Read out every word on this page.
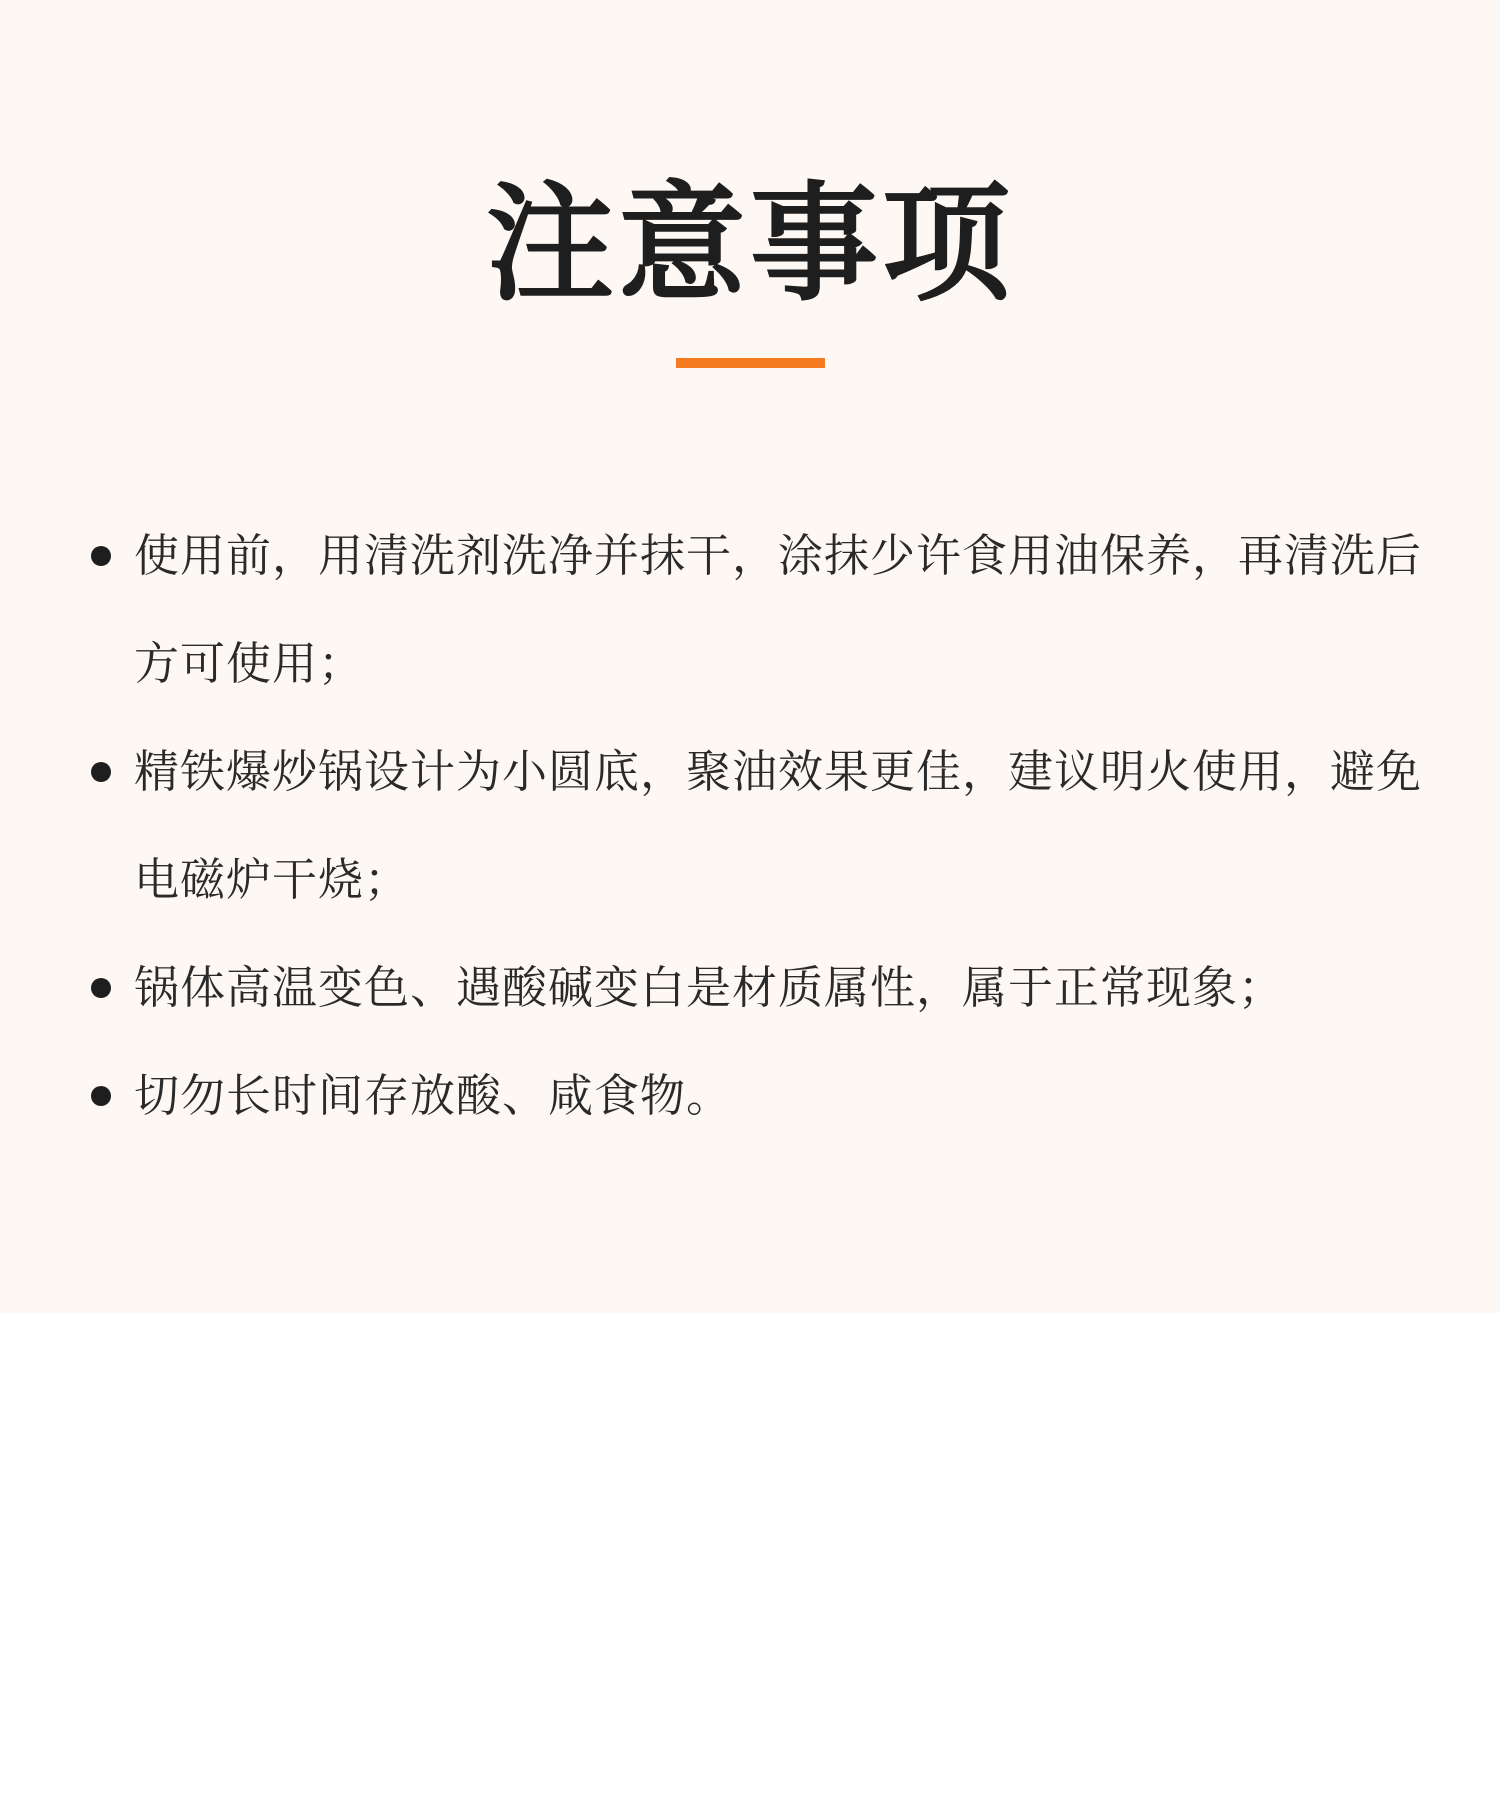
注意事项
使用前，用清洗剂洗净并抹干，涂抹少许食用油保养，再清洗后方可使用；
精铁爆炒锅设计为小圆底，聚油效果更佳，建议明火使用，避免电磁炉干烧；
锅体高温变色、遇酸碱变白是材质属性，属于正常现象；
切勿长时间存放酸、咸食物。
